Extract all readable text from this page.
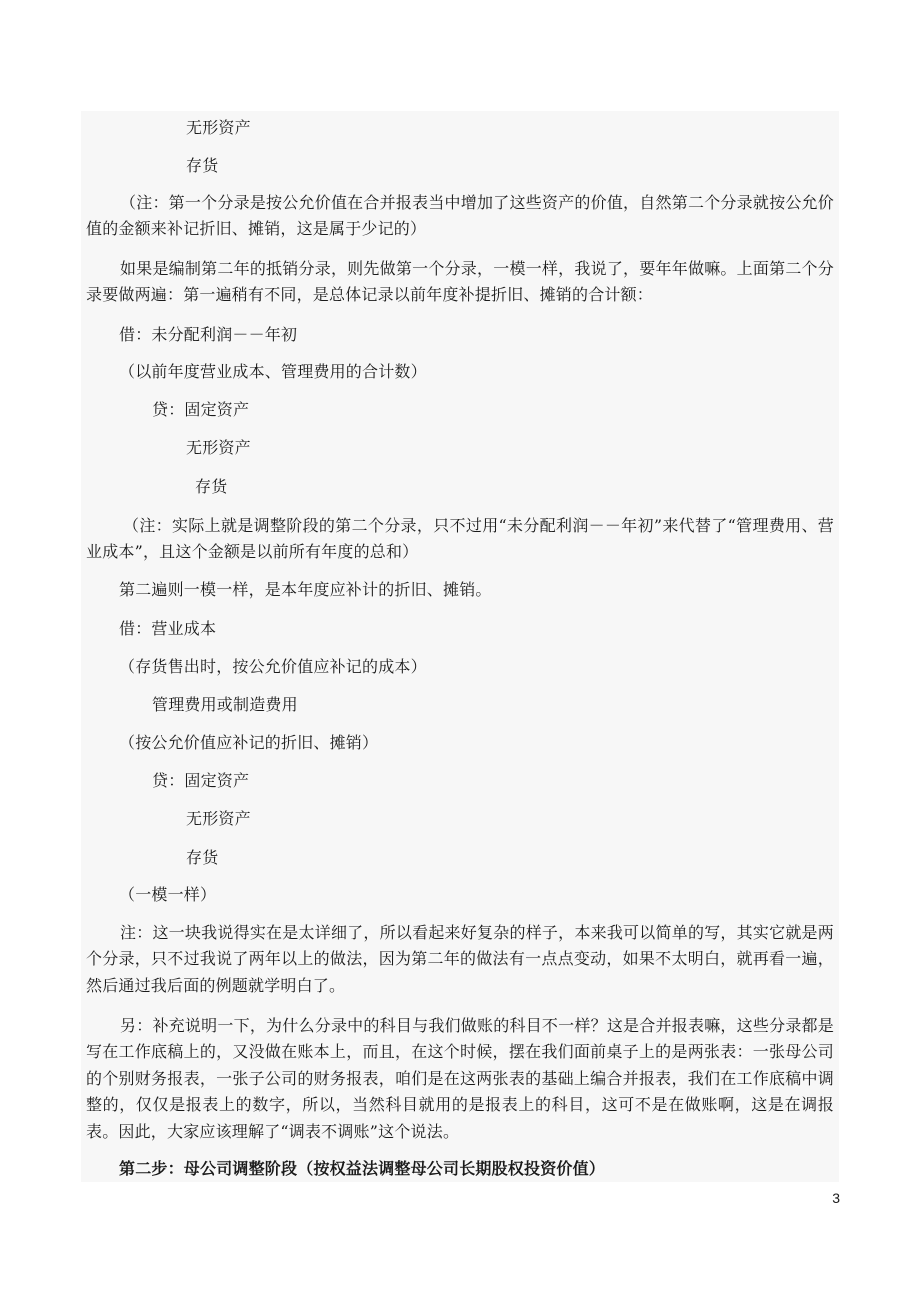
无形资产
存货
（注：第一个分录是按公允价值在合并报表当中增加了这些资产的价值，自然第二个分录就按公允价值的金额来补记折旧、摊销，这是属于少记的）
如果是编制第二年的抵销分录，则先做第一个分录，一模一样，我说了，要年年做嘛。上面第二个分录要做两遍：第一遍稍有不同，是总体记录以前年度补提折旧、摊销的合计额：
借：未分配利润－－年初
（以前年度营业成本、管理费用的合计数）
贷：固定资产
无形资产
存货
（注：实际上就是调整阶段的第二个分录，只不过用“未分配利润－－年初”来代替了“管理费用、营业成本”，且这个金额是以前所有年度的总和）
第二遍则一模一样，是本年度应补计的折旧、摊销。
借：营业成本
（存货售出时，按公允价值应补记的成本）
管理费用或制造费用
（按公允价值应补记的折旧、摊销）
贷：固定资产
无形资产
存货
（一模一样）
注：这一块我说得实在是太详细了，所以看起来好复杂的样子，本来我可以简单的写，其实它就是两个分录，只不过我说了两年以上的做法，因为第二年的做法有一点点变动，如果不太明白，就再看一遍，然后通过我后面的例题就学明白了。
另：补充说明一下，为什么分录中的科目与我们做账的科目不一样？这是合并报表嘛，这些分录都是写在工作底稿上的，又没做在账本上，而且，在这个时候，摆在我们面前桌子上的是两张表：一张母公司的个别财务报表，一张子公司的财务报表，咱们是在这两张表的基础上编合并报表，我们在工作底稿中调整的，仅仅是报表上的数字，所以，当然科目就用的是报表上的科目，这可不是在做账啊，这是在调报表。因此，大家应该理解了“调表不调账”这个说法。
第二步：母公司调整阶段（按权益法调整母公司长期股权投资价值）
3
